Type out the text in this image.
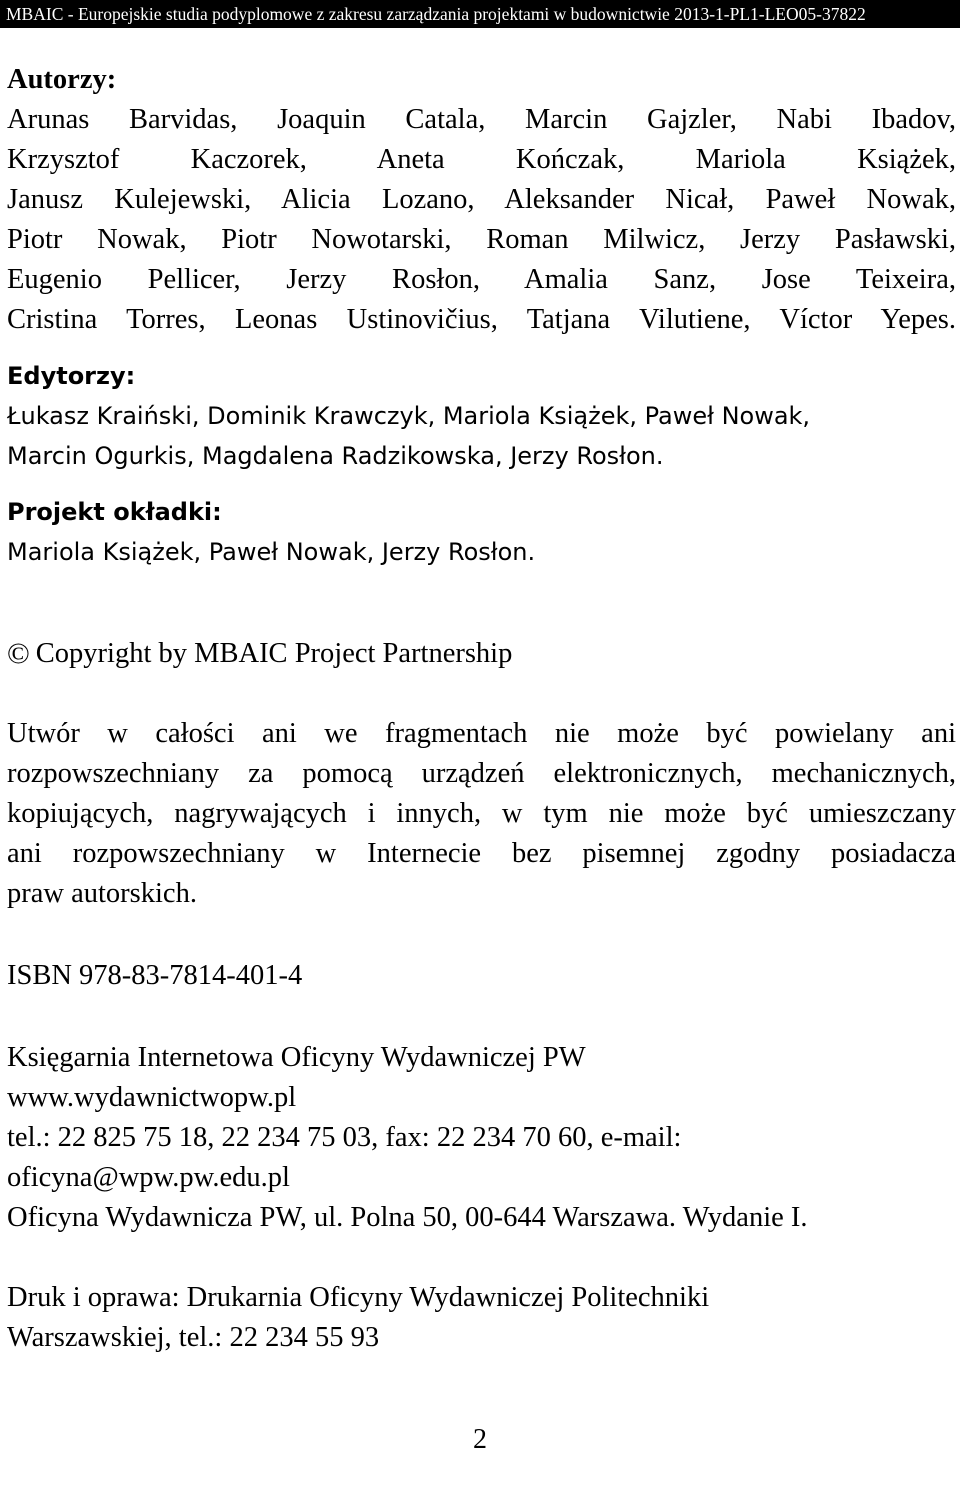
MBAIC - Europejskie studia podyplomowe z zakresu zarządzania projektami w budownictwie 2013-1-PL1-LEO05-37822
Autorzy:
Arunas Barvidas, Joaquin Catala, Marcin Gajzler, Nabi Ibadov,
Krzysztof Kaczorek, Aneta Kończak, Mariola Książek,
Janusz Kulejewski, Alicia Lozano, Aleksander Nicał, Paweł Nowak,
Piotr Nowak, Piotr Nowotarski, Roman Milwicz, Jerzy Pasławski,
Eugenio Pellicer, Jerzy Rosłon, Amalia Sanz, Jose Teixeira,
Cristina Torres, Leonas Ustinovičius, Tatjana Vilutiene, Víctor Yepes.
Edytorzy:
Łukasz Kraiński, Dominik Krawczyk, Mariola Książek, Paweł Nowak,
Marcin Ogurkis, Magdalena Radzikowska, Jerzy Rosłon.
Projekt okładki:
Mariola Książek, Paweł Nowak, Jerzy Rosłon.
© Copyright by MBAIC Project Partnership
Utwór w całości ani we fragmentach nie może być powielany ani
rozpowszechniany za pomocą urządzeń elektronicznych, mechanicznych,
kopiujących, nagrywających i innych, w tym nie może być umieszczany
ani rozpowszechniany w Internecie bez pisemnej zgodny posiadacza
praw autorskich.
ISBN 978-83-7814-401-4
Księgarnia Internetowa Oficyny Wydawniczej PW
www.wydawnictwopw.pl
tel.: 22 825 75 18, 22 234 75 03, fax: 22 234 70 60, e-mail:
oficyna@wpw.pw.edu.pl
Oficyna Wydawnicza PW, ul. Polna 50, 00-644 Warszawa. Wydanie I.
Druk i oprawa: Drukarnia Oficyny Wydawniczej Politechniki
Warszawskiej, tel.: 22 234 55 93
2
